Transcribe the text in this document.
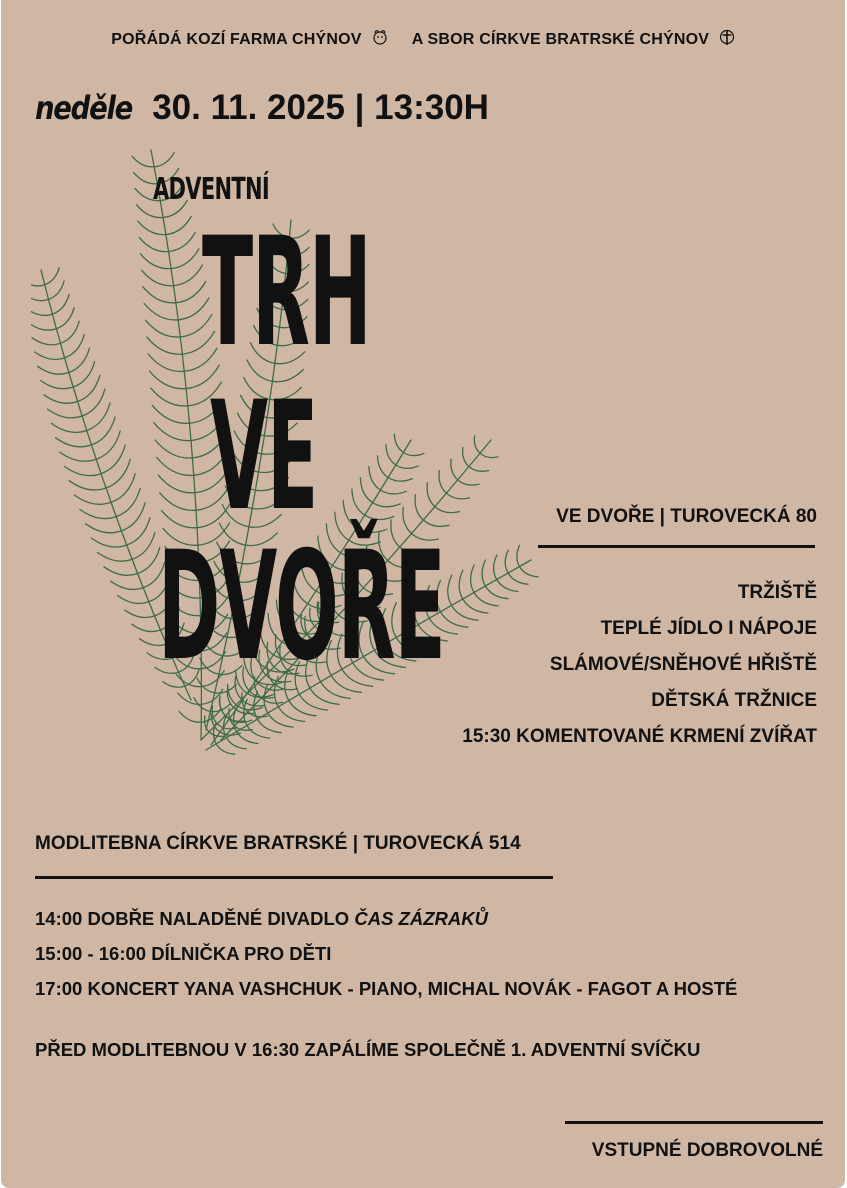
POŘÁDÁ KOZÍ FARMA CHÝNOV	A SBOR CÍRKVE BRATRSKÉ CHÝNOV
neděle 30. 11. 2025 | 13:30H
ADVENTNÍ
TRH
VE
DVOŘE
VE DVOŘE | TUROVECKÁ 80
TRŽIŠTĚ
TEPLÉ JÍDLO I NÁPOJE
SLÁMOVÉ/SNĚHOVÉ HŘIŠTĚ
DĚTSKÁ TRŽNICE
15:30 KOMENTOVANÉ KRMENÍ ZVÍŘAT
MODLITEBNA CÍRKVE BRATRSKÉ | TUROVECKÁ 514
14:00 DOBŘE NALADĚNÉ DIVADLO ČAS ZÁZRAKŮ
15:00 - 16:00 DÍLNIČKA PRO DĚTI
17:00 KONCERT YANA VASHCHUK - PIANO, MICHAL NOVÁK - FAGOT A HOSTÉ
PŘED MODLITEBNOU V 16:30 ZAPÁLÍME SPOLEČNĚ 1. ADVENTNÍ SVÍČKU
VSTUPNÉ DOBROVOLNÉ
